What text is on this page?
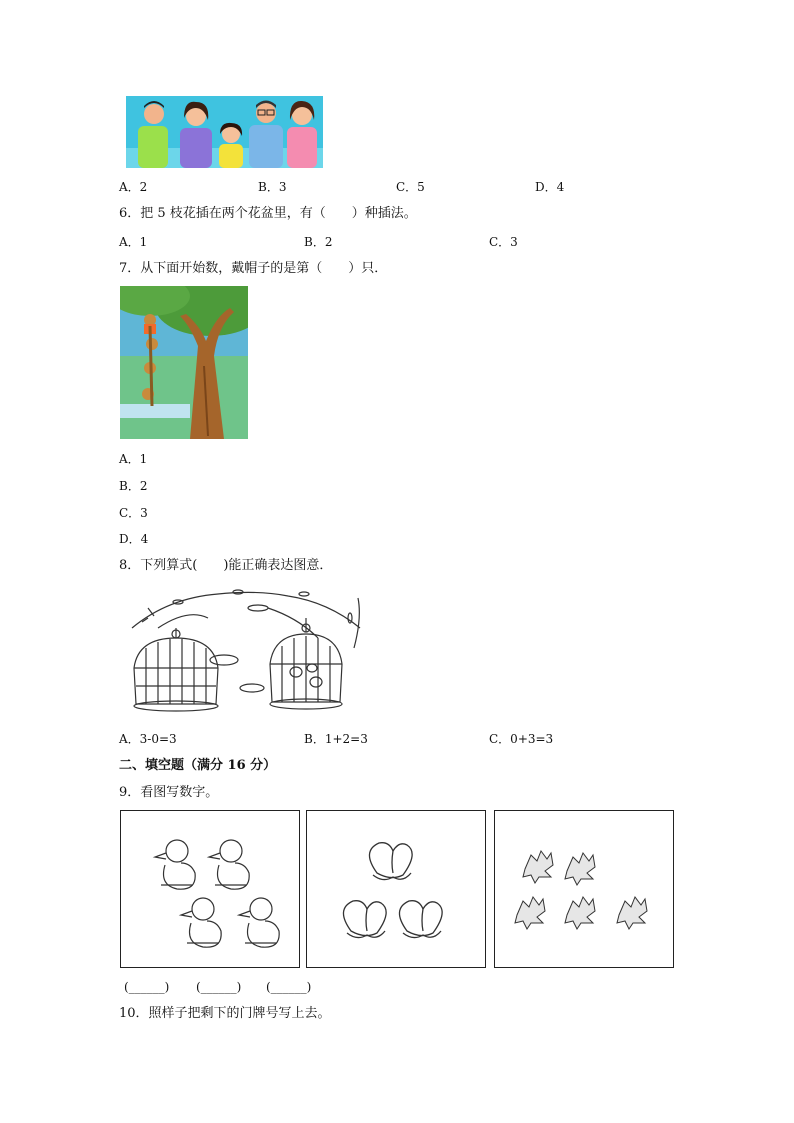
A．2	B．3	C．5	D．4
6．把 5 枝花插在两个花盆里，有（　　）种插法。
A．1	B．2	C．3
7．从下面开始数，戴帽子的是第（　　）只．
A．1
B．2
C．3
D．4
8．下列算式(　　)能正确表达图意．
A．3-0=3	B．1+2=3	C．0+3=3
二、填空题（满分 16 分）
9．看图写数字。
(______) (______) (______)
10．照样子把剩下的门牌号写上去。
